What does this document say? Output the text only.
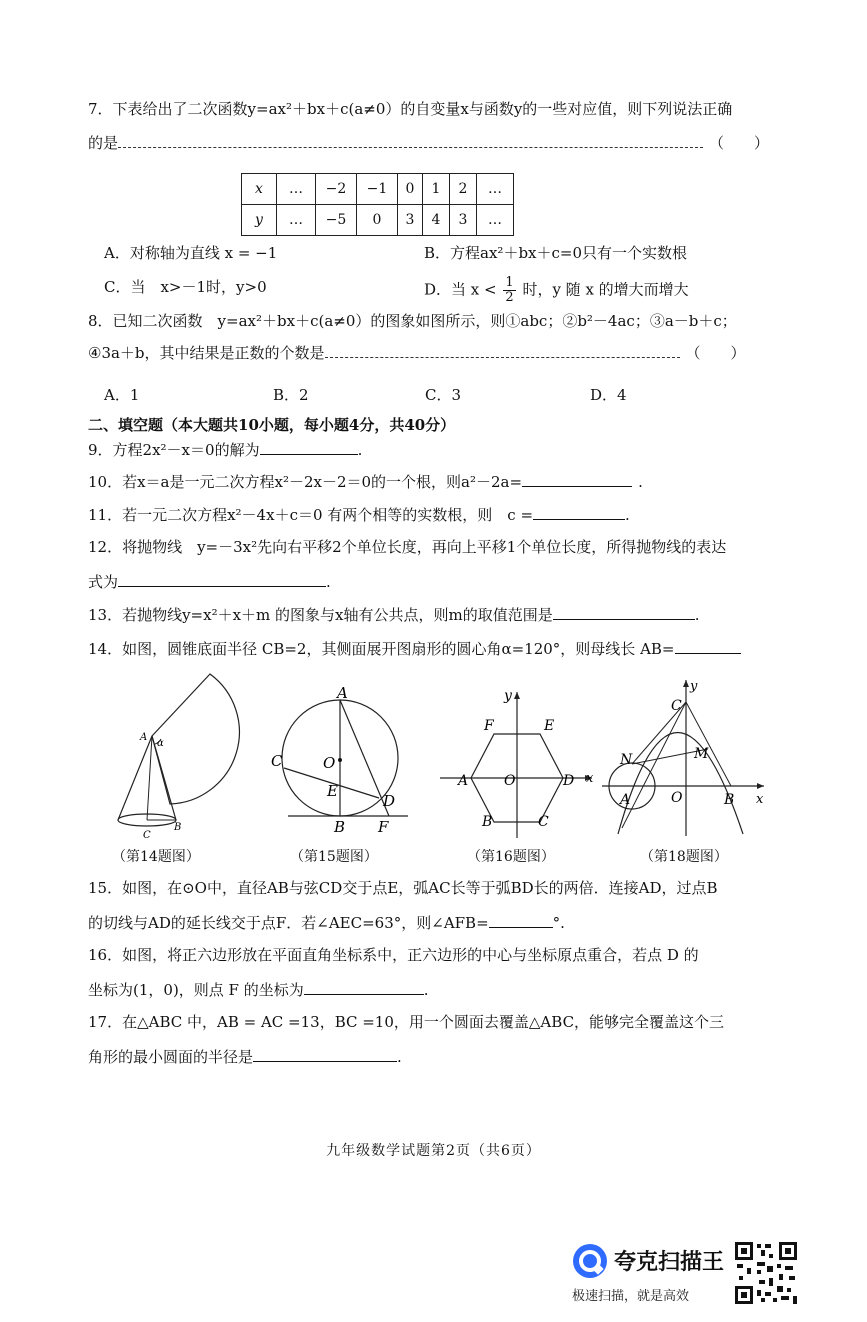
7．下表给出了二次函数y=ax²＋bx＋c(a≠0）的自变量x与函数y的一些对应值，则下列说法正确
的是	（　　）
x	…	−2	−1	0	1	2	…
y	…	−5	0	3	4	3	…
A．对称轴为直线 x = −1	B．方程ax²＋bx＋c=0只有一个实数根
C．当　x>－1时，y>0	D．当 $x < \frac{1}{2}$ 时，y 随 x 的增大而增大
8．已知二次函数　y=ax²＋bx＋c(a≠0）的图象如图所示，则①abc；②b²－4ac；③a－b＋c；
④3a＋b，其中结果是正数的个数是	（　　）
A．1	B．2	C．3	D．4
二、填空题（本大题共10小题，每小题4分，共40分）
9．方程2x²－x＝0的解为	.
10．若x＝a是一元二次方程x²－2x－2＝0的一个根，则a²－2a=	.
11．若一元二次方程x²－4x＋c＝0 有两个相等的实数根，则　c =	.
12．将抛物线　y=－3x²先向右平移2个单位长度，再向上平移1个单位长度，所得抛物线的表达
式为	.
13．若抛物线y=x²＋x＋m 的图象与x轴有公共点，则m的取值范围是	.
14．如图，圆锥底面半径 CB=2，其侧面展开图扇形的圆心角α=120°，则母线长 AB=
A
α
C
B
（第14题图）
A
C	O
E
D
B F
（第15题图）
y
F	E
A	O	D x
B	C
（第16题图）
y
C
N	M
A	O	B x
（第18题图）
15．如图，在⊙O中，直径AB与弦CD交于点E，弧AC长等于弧BD长的两倍．连接AD，过点B
的切线与AD的延长线交于点F．若∠AEC=63°，则∠AFB=	°.
16．如图，将正六边形放在平面直角坐标系中，正六边形的中心与坐标原点重合，若点 D 的
坐标为(1，0)，则点 F 的坐标为	.
17．在△ABC 中，AB = AC =13，BC =10，用一个圆面去覆盖△ABC，能够完全覆盖这个三
角形的最小圆面的半径是	.
九年级数学试题第2页（共6页）
夸克扫描王
极速扫描，就是高效
